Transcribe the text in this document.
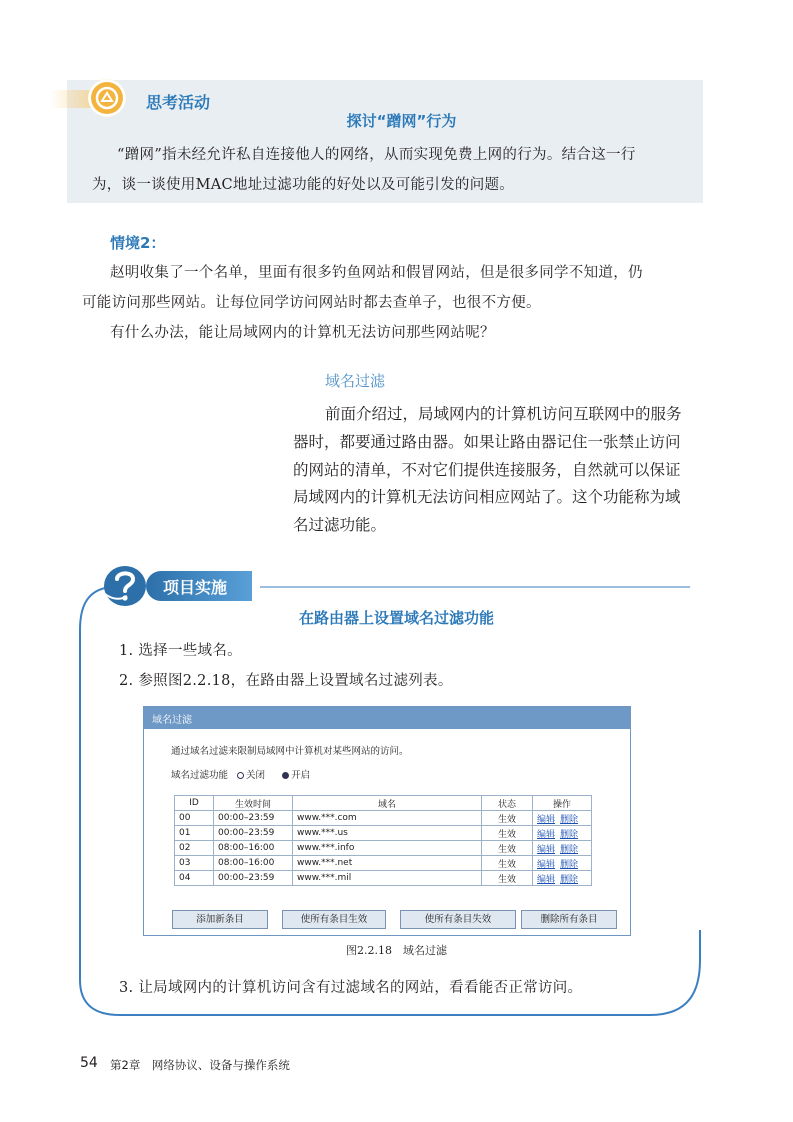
思考活动
探讨“蹭网”行为
“蹭网”指未经允许私自连接他人的网络，从而实现免费上网的行为。结合这一行
为，谈一谈使用MAC地址过滤功能的好处以及可能引发的问题。
情境2：
赵明收集了一个名单，里面有很多钓鱼网站和假冒网站，但是很多同学不知道，仍
可能访问那些网站。让每位同学访问网站时都去查单子，也很不方便。
有什么办法，能让局域网内的计算机无法访问那些网站呢？
域名过滤
前面介绍过，局域网内的计算机访问互联网中的服务
器时，都要通过路由器。如果让路由器记住一张禁止访问
的网站的清单，不对它们提供连接服务，自然就可以保证
局域网内的计算机无法访问相应网站了。这个功能称为域
名过滤功能。
项目实施
在路由器上设置域名过滤功能
1. 选择一些域名。
2. 参照图2.2.18，在路由器上设置域名过滤列表。
域名过滤
通过域名过滤来限制局域网中计算机对某些网站的访问。
域名过滤功能 关闭	开启
ID	生效时间	域名	状态	操作
00	00:00–23:59	www.***.com	生效	编辑 删除
01	00:00–23:59	www.***.us	生效	编辑 删除
02	08:00–16:00	www.***.info	生效	编辑 删除
03	08:00–16:00	www.***.net	生效	编辑 删除
04	00:00–23:59	www.***.mil	生效	编辑 删除
添加新条目	使所有条目生效	使所有条目失效	删除所有条目
图2.2.18　域名过滤
3. 让局域网内的计算机访问含有过滤域名的网站，看看能否正常访问。
54 第2章　网络协议、设备与操作系统
